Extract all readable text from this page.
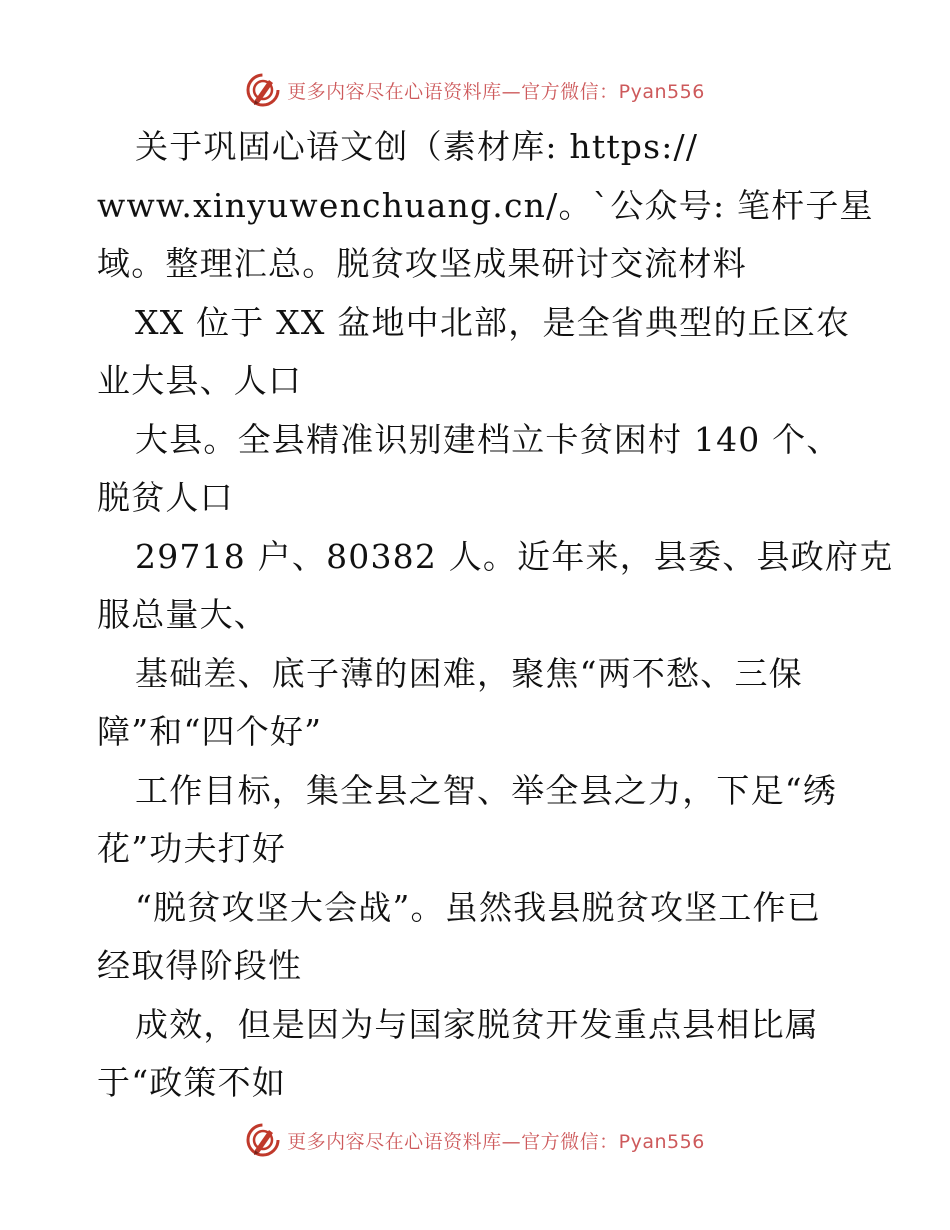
更多内容尽在心语资料库—官方微信：Pyan556
关于巩固心语文创（素材库: https://
www.xinyuwenchuang.cn/。`公众号: 笔杆子星
域。整理汇总。脱贫攻坚成果研讨交流材料
XX 位于 XX 盆地中北部，是全省典型的丘区农
业大县、人口
大县。全县精准识别建档立卡贫困村 140 个、
脱贫人口
29718 户、80382 人。近年来，县委、县政府克
服总量大、
基础差、底子薄的困难，聚焦“两不愁、三保
障”和“四个好”
工作目标，集全县之智、举全县之力，下足“绣
花”功夫打好
“脱贫攻坚大会战”。虽然我县脱贫攻坚工作已
经取得阶段性
成效，但是因为与国家脱贫开发重点县相比属
于“政策不如
更多内容尽在心语资料库—官方微信：Pyan556
